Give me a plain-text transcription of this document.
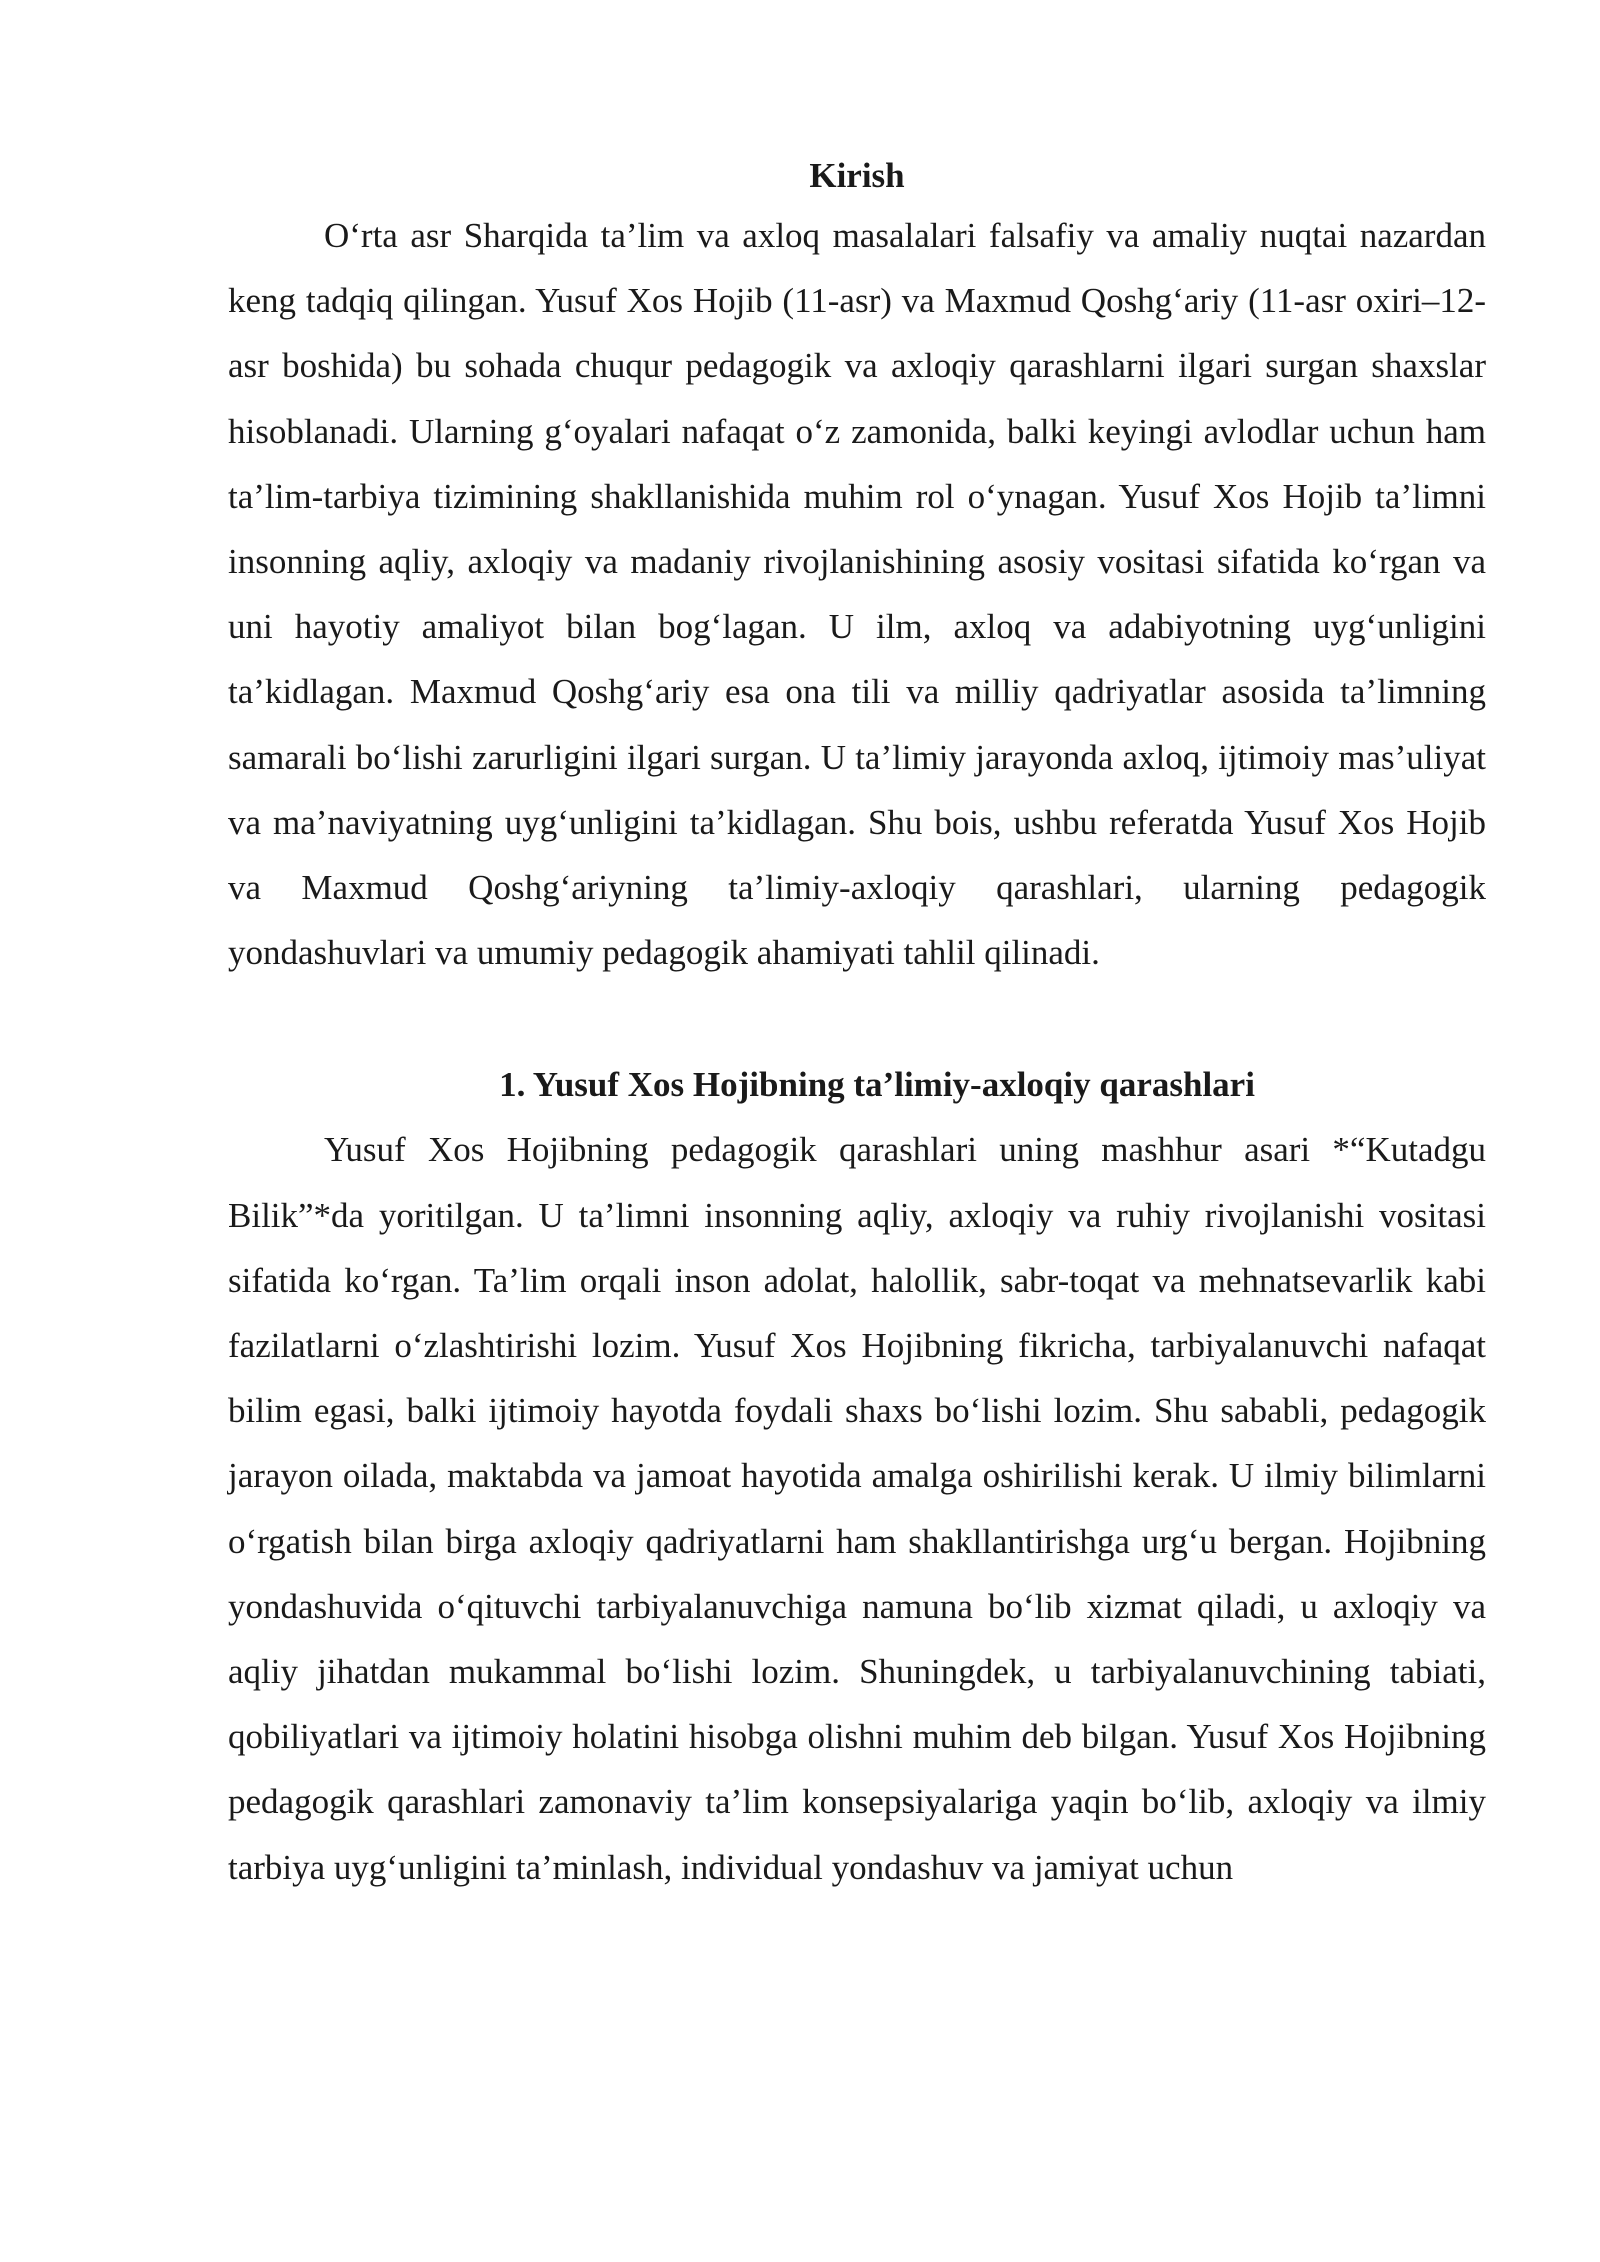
Kirish

O‘rta asr Sharqida ta’lim va axloq masalalari falsafiy va amaliy nuqtai nazardan keng tadqiq qilingan. Yusuf Xos Hojib (11-asr) va Maxmud Qoshg‘ariy (11-asr oxiri–12-asr boshida) bu sohada chuqur pedagogik va axloqiy qarashlarni ilgari surgan shaxslar hisoblanadi. Ularning g‘oyalari nafaqat o‘z zamonida, balki keyingi avlodlar uchun ham ta’lim-tarbiya tizimining shakllanishida muhim rol o‘ynagan. Yusuf Xos Hojib ta’limni insonning aqliy, axloqiy va madaniy rivojlanishining asosiy vositasi sifatida ko‘rgan va uni hayotiy amaliyot bilan bog‘lagan. U ilm, axloq va adabiyotning uyg‘unligini ta’kidlagan. Maxmud Qoshg‘ariy esa ona tili va milliy qadriyatlar asosida ta’limning samarali bo‘lishi zarurligini ilgari surgan. U ta’limiy jarayonda axloq, ijtimoiy mas’uliyat va ma’naviyatning uyg‘unligini ta’kidlagan. Shu bois, ushbu referatda Yusuf Xos Hojib va Maxmud Qoshg‘ariyning ta’limiy-axloqiy qarashlari, ularning pedagogik yondashuvlari va umumiy pedagogik ahamiyati tahlil qilinadi.

1. Yusuf Xos Hojibning ta’limiy-axloqiy qarashlari

Yusuf Xos Hojibning pedagogik qarashlari uning mashhur asari *“Kutadgu Bilik”*da yoritilgan. U ta’limni insonning aqliy, axloqiy va ruhiy rivojlanishi vositasi sifatida ko‘rgan. Ta’lim orqali inson adolat, halollik, sabr-toqat va mehnatsevarlik kabi fazilatlarni o‘zlashtirishi lozim. Yusuf Xos Hojibning fikricha, tarbiyalanuvchi nafaqat bilim egasi, balki ijtimoiy hayotda foydali shaxs bo‘lishi lozim. Shu sababli, pedagogik jarayon oilada, maktabda va jamoat hayotida amalga oshirilishi kerak. U ilmiy bilimlarni o‘rgatish bilan birga axloqiy qadriyatlarni ham shakllantirishga urg‘u bergan. Hojibning yondashuvida o‘qituvchi tarbiyalanuvchiga namuna bo‘lib xizmat qiladi, u axloqiy va aqliy jihatdan mukammal bo‘lishi lozim. Shuningdek, u tarbiyalanuvchining tabiati, qobiliyatlari va ijtimoiy holatini hisobga olishni muhim deb bilgan. Yusuf Xos Hojibning pedagogik qarashlari zamonaviy ta’lim konsepsiyalariga yaqin bo‘lib, axloqiy va ilmiy tarbiya uyg‘unligini ta’minlash, individual yondashuv va jamiyat uchun
